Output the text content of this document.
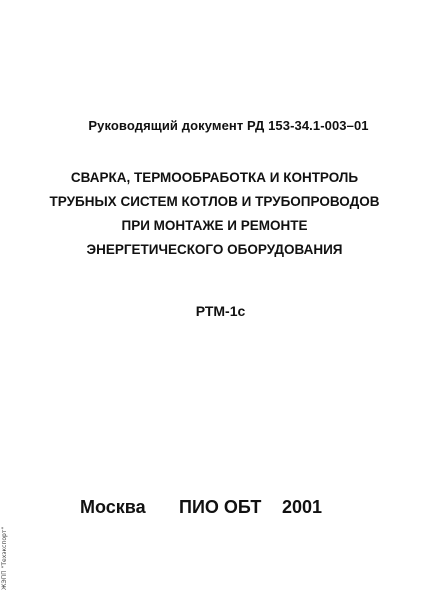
Руководящий документ РД 153-34.1-003–01
СВАРКА, ТЕРМООБРАБОТКА И КОНТРОЛЬ
ТРУБНЫХ СИСТЕМ КОТЛОВ И ТРУБОПРОВОДОВ
ПРИ МОНТАЖЕ И РЕМОНТЕ
ЭНЕРГЕТИЧЕСКОГО ОБОРУДОВАНИЯ
РТМ-1с
Москва ПИО ОБТ 2001
ЖЭПП "Техэкспорт"
